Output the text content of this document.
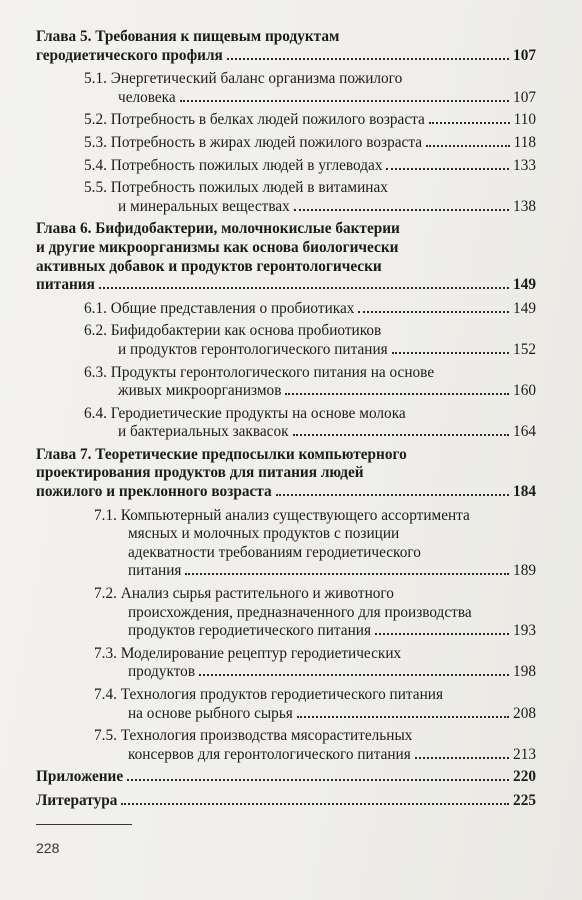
Глава 5. Требования к пищевым продуктам
геродиетического профиля	107
5.1. Энергетический баланс организма пожилого
человека	107
5.2. Потребность в белках людей пожилого возраста	110
5.3. Потребность в жирах людей пожилого возраста	118
5.4. Потребность пожилых людей в углеводах	133
5.5. Потребность пожилых людей в витаминах
и минеральных веществах	138
Глава 6. Бифидобактерии, молочнокислые бактерии
и другие микроорганизмы как основа биологически
активных добавок и продуктов геронтологически
питания	149
6.1. Общие представления о пробиотиках	149
6.2. Бифидобактерии как основа пробиотиков
и продуктов геронтологического питания	152
6.3. Продукты геронтологического питания на основе
живых микроорганизмов	160
6.4. Геродиетические продукты на основе молока
и бактериальных заквасок	164
Глава 7. Теоретические предпосылки компьютерного
проектирования продуктов для питания людей
пожилого и преклонного возраста	184
7.1. Компьютерный анализ существующего ассортимента
мясных и молочных продуктов с позиции
адекватности требованиям геродиетического
питания	189
7.2. Анализ сырья растительного и животного
происхождения, предназначенного для производства
продуктов геродиетического питания	193
7.3. Моделирование рецептур геродиетических
продуктов	198
7.4. Технология продуктов геродиетического питания
на основе рыбного сырья	208
7.5. Технология производства мясорастительных
консервов для геронтологического питания	213
Приложение	220
Литература	225
228
